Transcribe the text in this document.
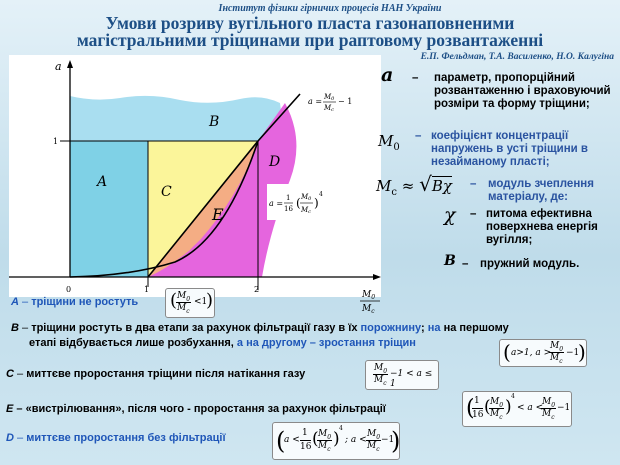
Інститут фізики гірничих процесів НАН України
Умови розриву вугільного пласта газонаповненими
магістральними тріщинами при раптовому розвантаженні
Е.П. Фельдман, Т.А. Василенко, Н.О. Калугіна
a
0	1	2
1
$M_0$
$M_c$
A
B
C
D
E
a = M0
Mc
− 1
a =
1
16 ( M0
Mc
)
4
a – параметр, пропорційний розвантаженню і враховуючий розміри та форму тріщини;
$M_0$
– коефіцієнт концентрації напружень в усті тріщини в незайманому пласті;
$M_c \approx √B\chi$ – модуль зчеплення матеріалу, де:
χ – питома ефективна поверхнева енергія вугілля;
B – пружний модуль.
A – тріщини не ростуть ( $M_0$
$M_c$
<1
)
B – тріщини ростуть в два етапи за рахунок фільтрації газу в їх порожнину; на на першому
етапі відбувається лише розбухання, а на другому – зростання тріщин	( a>1, a >
$M_0$
$M_c$
−1
)
C – миттєве проростання тріщини після натікання газу	$M_0$
$M_c$
−1 < a ≤ 1
E – «вистрілювання», після чого - проростання за рахунок фільтрації	( 1
16 ( $M_0$
$M_c$
)
4
< a <
$M_0$
$M_c$
−1
D – миттєве проростання без фільтрації (
a <
1
16 ( $M_0$
$M_c$
)
4
; a <
$M_0$
$M_c$
−1
)
